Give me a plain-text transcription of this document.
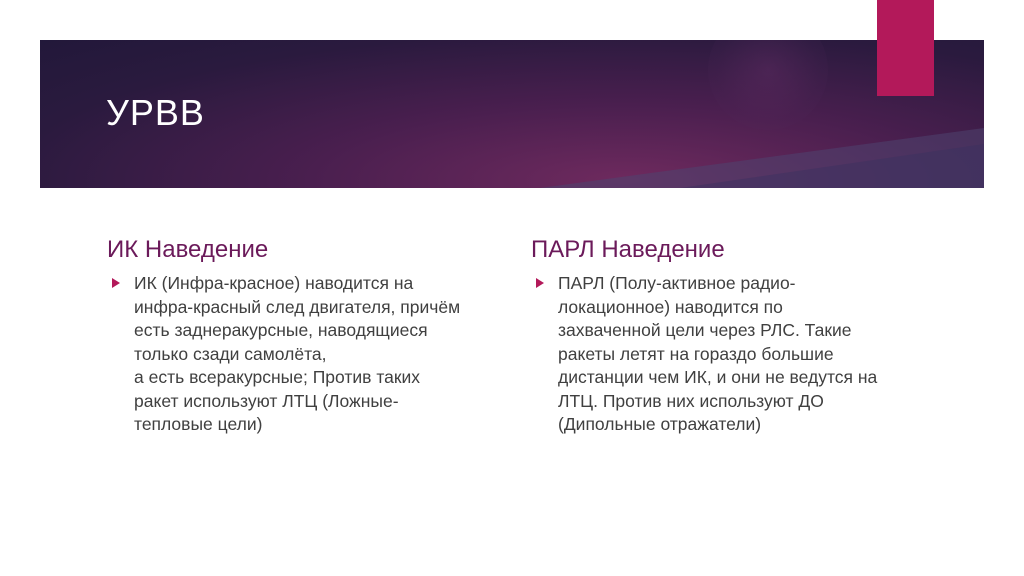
УРВВ
ИК Наведение
ИК (Инфра-красное) наводится на
инфра-красный след двигателя, причём
есть заднеракурсные, наводящиеся
только сзади самолёта,
а есть всеракурсные; Против таких
ракет используют ЛТЦ (Ложные-
тепловые цели)
ПАРЛ Наведение
ПАРЛ (Полу-активное радио-
локационное) наводится по
захваченной цели через РЛС. Такие
ракеты летят на гораздо большие
дистанции чем ИК, и они не ведутся на
ЛТЦ. Против них используют ДО
(Дипольные отражатели)
